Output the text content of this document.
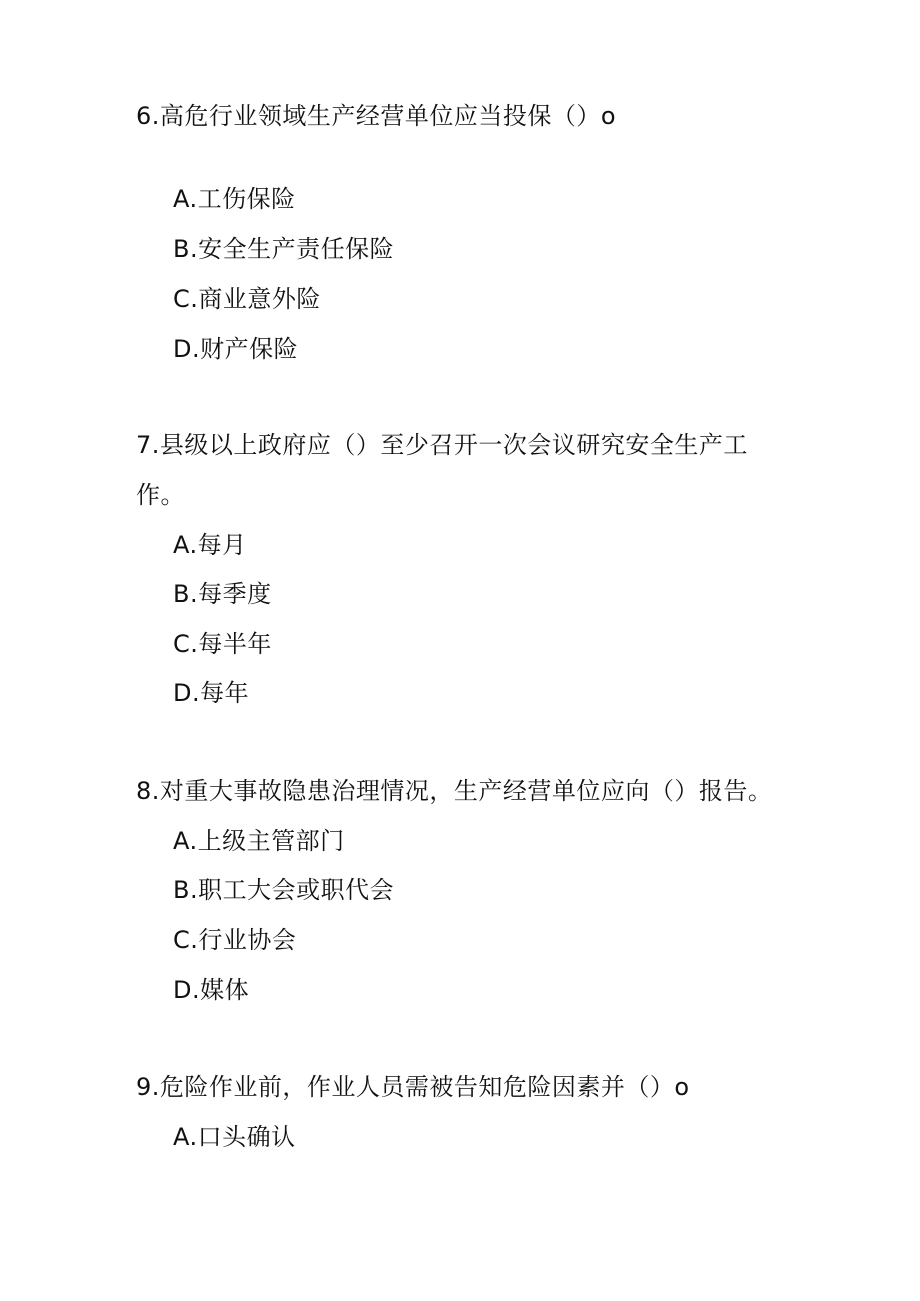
6.高危行业领域生产经营单位应当投保（）o
A.工伤保险
B.安全生产责任保险
C.商业意外险
D.财产保险
7.县级以上政府应（）至少召开一次会议研究安全生产工
作。
A.每月
B.每季度
C.每半年
D.每年
8.对重大事故隐患治理情况，生产经营单位应向（）报告。
A.上级主管部门
B.职工大会或职代会
C.行业协会
D.媒体
9.危险作业前，作业人员需被告知危险因素并（）o
A.口头确认
